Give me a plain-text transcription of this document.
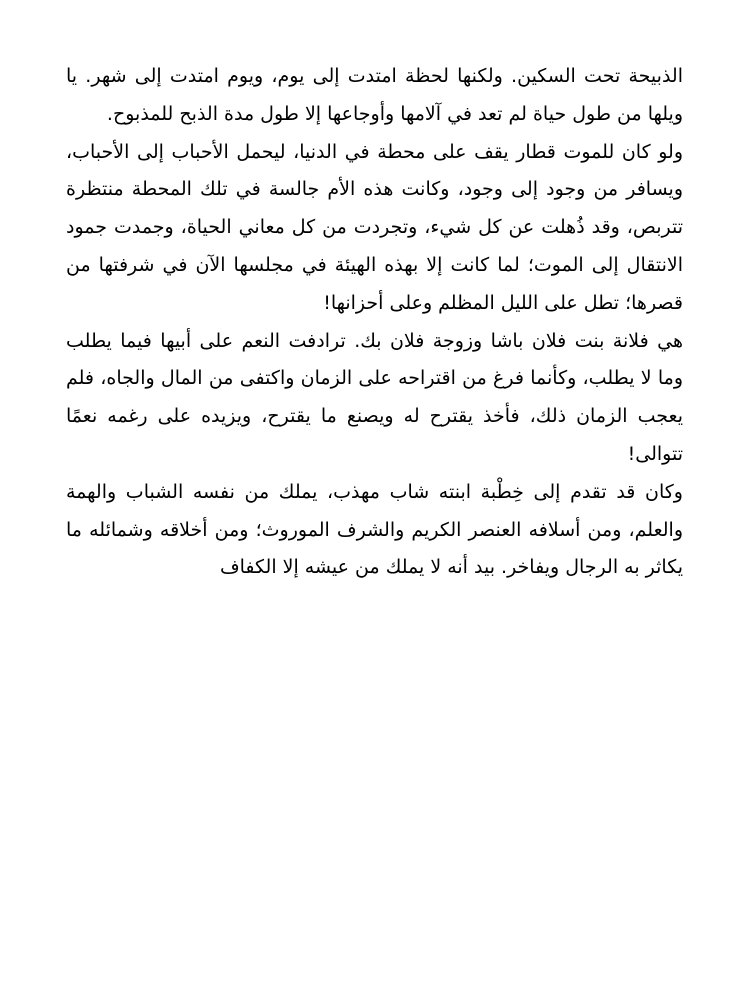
الذبيحة تحت السكين. ولكنها لحظة امتدت إلى يوم، ويوم امتدت إلى شهر. يا ويلها من طول حياة لم تعد في آلامها وأوجاعها إلا طول مدة الذبح للمذبوح.

ولو كان للموت قطار يقف على محطة في الدنيا، ليحمل الأحباب إلى الأحباب، ويسافر من وجود إلى وجود، وكانت هذه الأم جالسة في تلك المحطة منتظرة تتربص، وقد ذُهلت عن كل شيء، وتجردت من كل معاني الحياة، وجمدت جمود الانتقال إلى الموت؛ لما كانت إلا بهذه الهيئة في مجلسها الآن في شرفتها من قصرها؛ تطل على الليل المظلم وعلى أحزانها!

هي فلانة بنت فلان باشا وزوجة فلان بك. ترادفت النعم على أبيها فيما يطلب وما لا يطلب، وكأنما فرغ من اقتراحه على الزمان واكتفى من المال والجاه، فلم يعجب الزمان ذلك، فأخذ يقترح له ويصنع ما يقترح، ويزيده على رغمه نعمًا تتوالى!

وكان قد تقدم إلى خِطْبة ابنته شاب مهذب، يملك من نفسه الشباب والهمة والعلم، ومن أسلافه العنصر الكريم والشرف الموروث؛ ومن أخلاقه وشمائله ما يكاثر به الرجال ويفاخر. بيد أنه لا يملك من عيشه إلا الكفاف
